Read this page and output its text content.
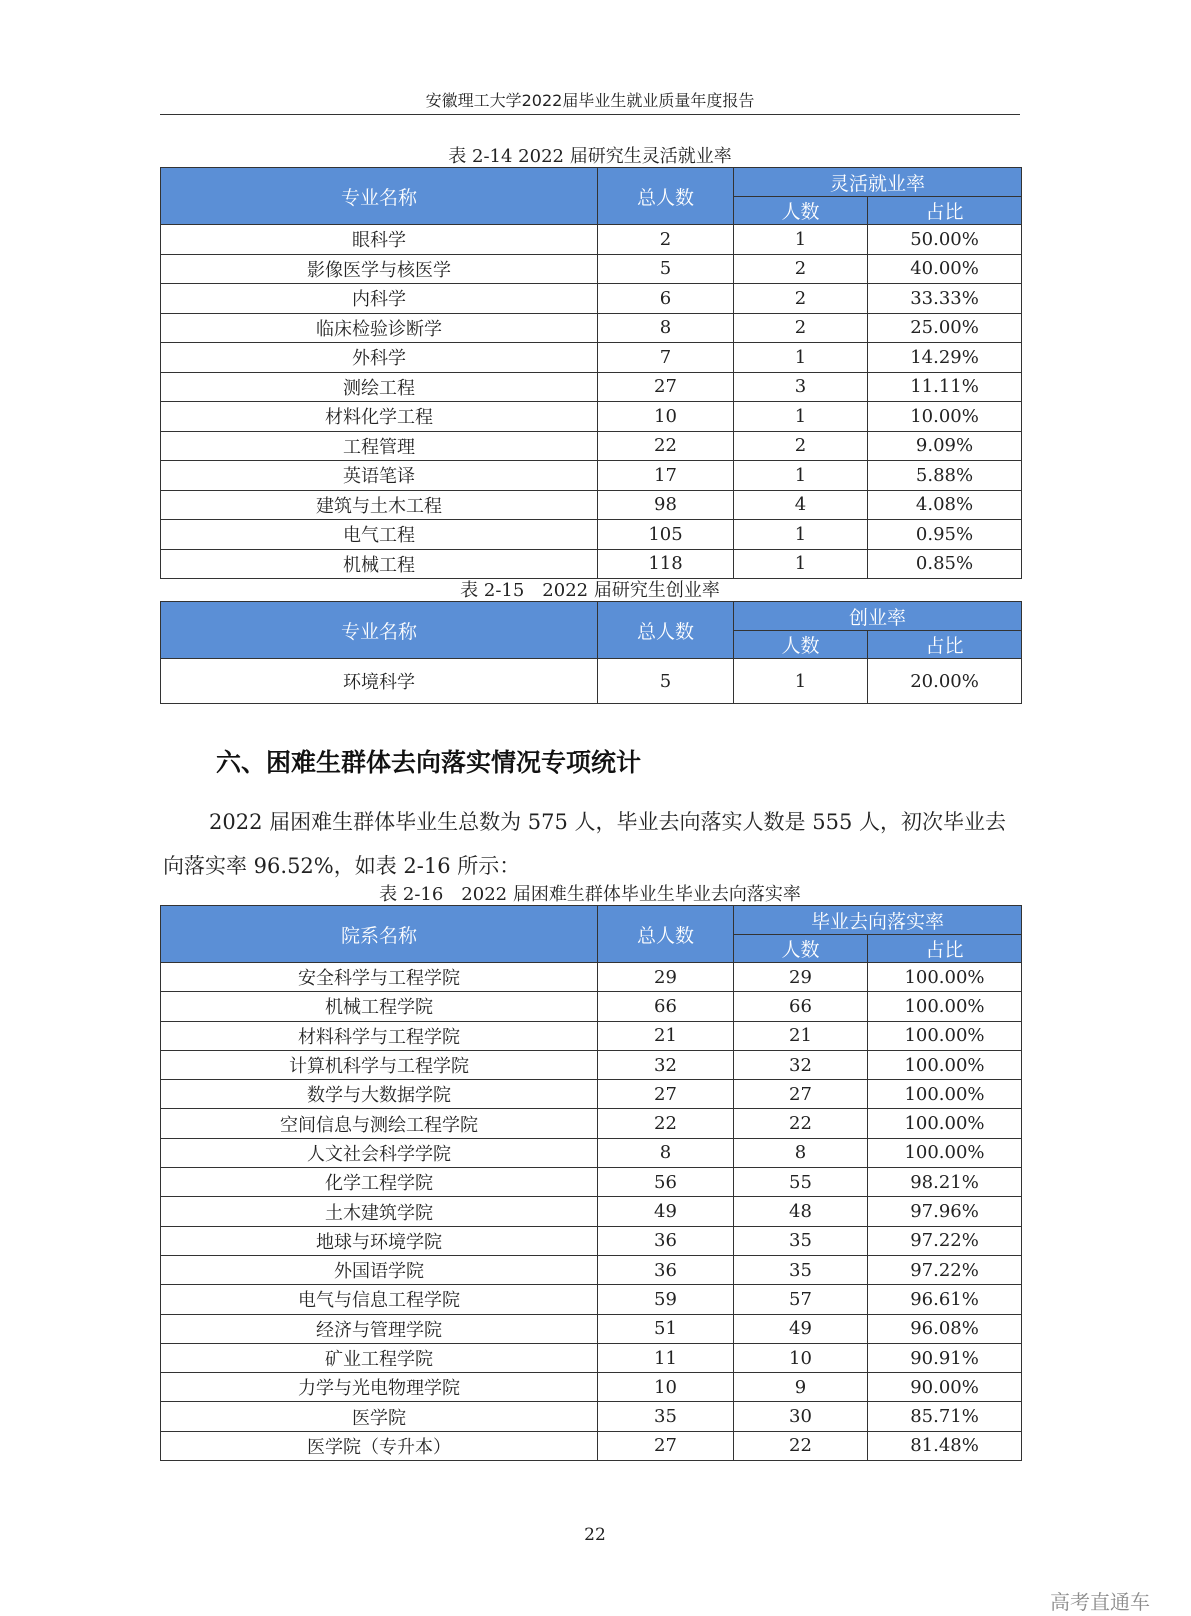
安徽理工大学2022届毕业生就业质量年度报告
表 2-14 2022 届研究生灵活就业率
专业名称	总人数	灵活就业率	
		人数	占比
眼科学	2	1	50.00%
影像医学与核医学	5	2	40.00%
内科学	6	2	33.33%
临床检验诊断学	8	2	25.00%
外科学	7	1	14.29%
测绘工程	27	3	11.11%
材料化学工程	10	1	10.00%
工程管理	22	2	9.09%
英语笔译	17	1	5.88%
建筑与土木工程	98	4	4.08%
电气工程	105	1	0.95%
机械工程	118	1	0.85%
表 2-15　2022 届研究生创业率
专业名称	总人数	创业率	
		人数	占比
环境科学	5	1	20.00%
六、困难生群体去向落实情况专项统计
2022 届困难生群体毕业生总数为 575 人，毕业去向落实人数是 555 人，初次毕业去向落实率 96.52%，如表 2-16 所示：
表 2-16　2022 届困难生群体毕业生毕业去向落实率
院系名称	总人数	毕业去向落实率	
		人数	占比
安全科学与工程学院	29	29	100.00%
机械工程学院	66	66	100.00%
材料科学与工程学院	21	21	100.00%
计算机科学与工程学院	32	32	100.00%
数学与大数据学院	27	27	100.00%
空间信息与测绘工程学院	22	22	100.00%
人文社会科学学院	8	8	100.00%
化学工程学院	56	55	98.21%
土木建筑学院	49	48	97.96%
地球与环境学院	36	35	97.22%
外国语学院	36	35	97.22%
电气与信息工程学院	59	57	96.61%
经济与管理学院	51	49	96.08%
矿业工程学院	11	10	90.91%
力学与光电物理学院	10	9	90.00%
医学院	35	30	85.71%
医学院（专升本）	27	22	81.48%
22
高考直通车
